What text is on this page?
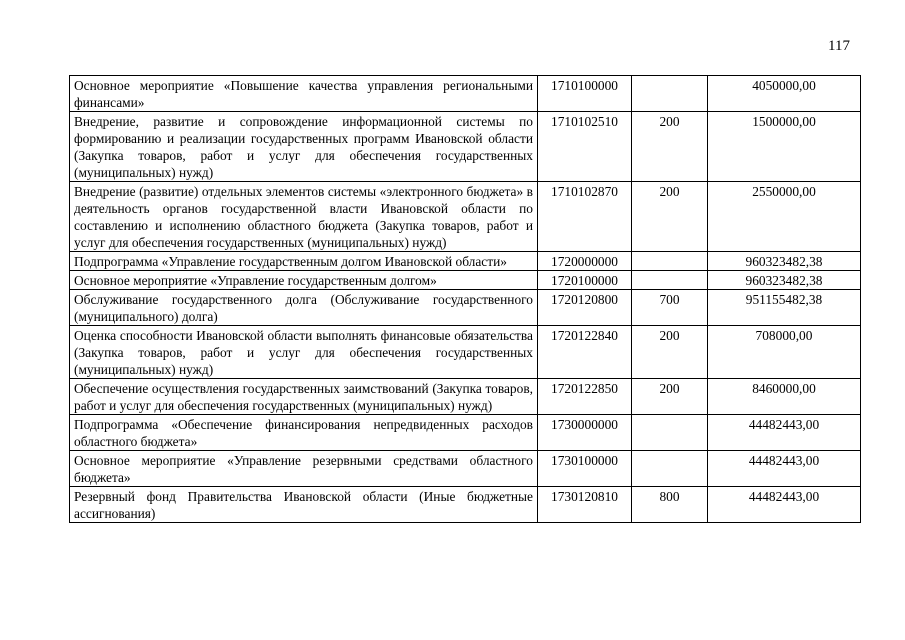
117
Основное мероприятие «Повышение качества управления региональными финансами»	1710100000		4050000,00
Внедрение, развитие и сопровождение информационной системы по формированию и реализации государственных программ Ивановской области (Закупка товаров, работ и услуг для обеспечения государственных (муниципальных) нужд)	1710102510	200	1500000,00
Внедрение (развитие) отдельных элементов системы «электронного бюджета» в деятельность органов государственной власти Ивановской области по составлению и исполнению областного бюджета (Закупка товаров, работ и услуг для обеспечения государственных (муниципальных) нужд)	1710102870	200	2550000,00
Подпрограмма «Управление государственным долгом Ивановской области»	1720000000		960323482,38
Основное мероприятие «Управление государственным долгом»	1720100000		960323482,38
Обслуживание государственного долга (Обслуживание государственного (муниципального) долга)	1720120800	700	951155482,38
Оценка способности Ивановской области выполнять финансовые обязательства (Закупка товаров, работ и услуг для обеспечения государственных (муниципальных) нужд)	1720122840	200	708000,00
Обеспечение осуществления государственных заимствований (Закупка товаров, работ и услуг для обеспечения государственных (муниципальных) нужд)	1720122850	200	8460000,00
Подпрограмма «Обеспечение финансирования непредвиденных расходов областного бюджета»	1730000000		44482443,00
Основное мероприятие «Управление резервными средствами областного бюджета»	1730100000		44482443,00
Резервный фонд Правительства Ивановской области (Иные бюджетные ассигнования)	1730120810	800	44482443,00
